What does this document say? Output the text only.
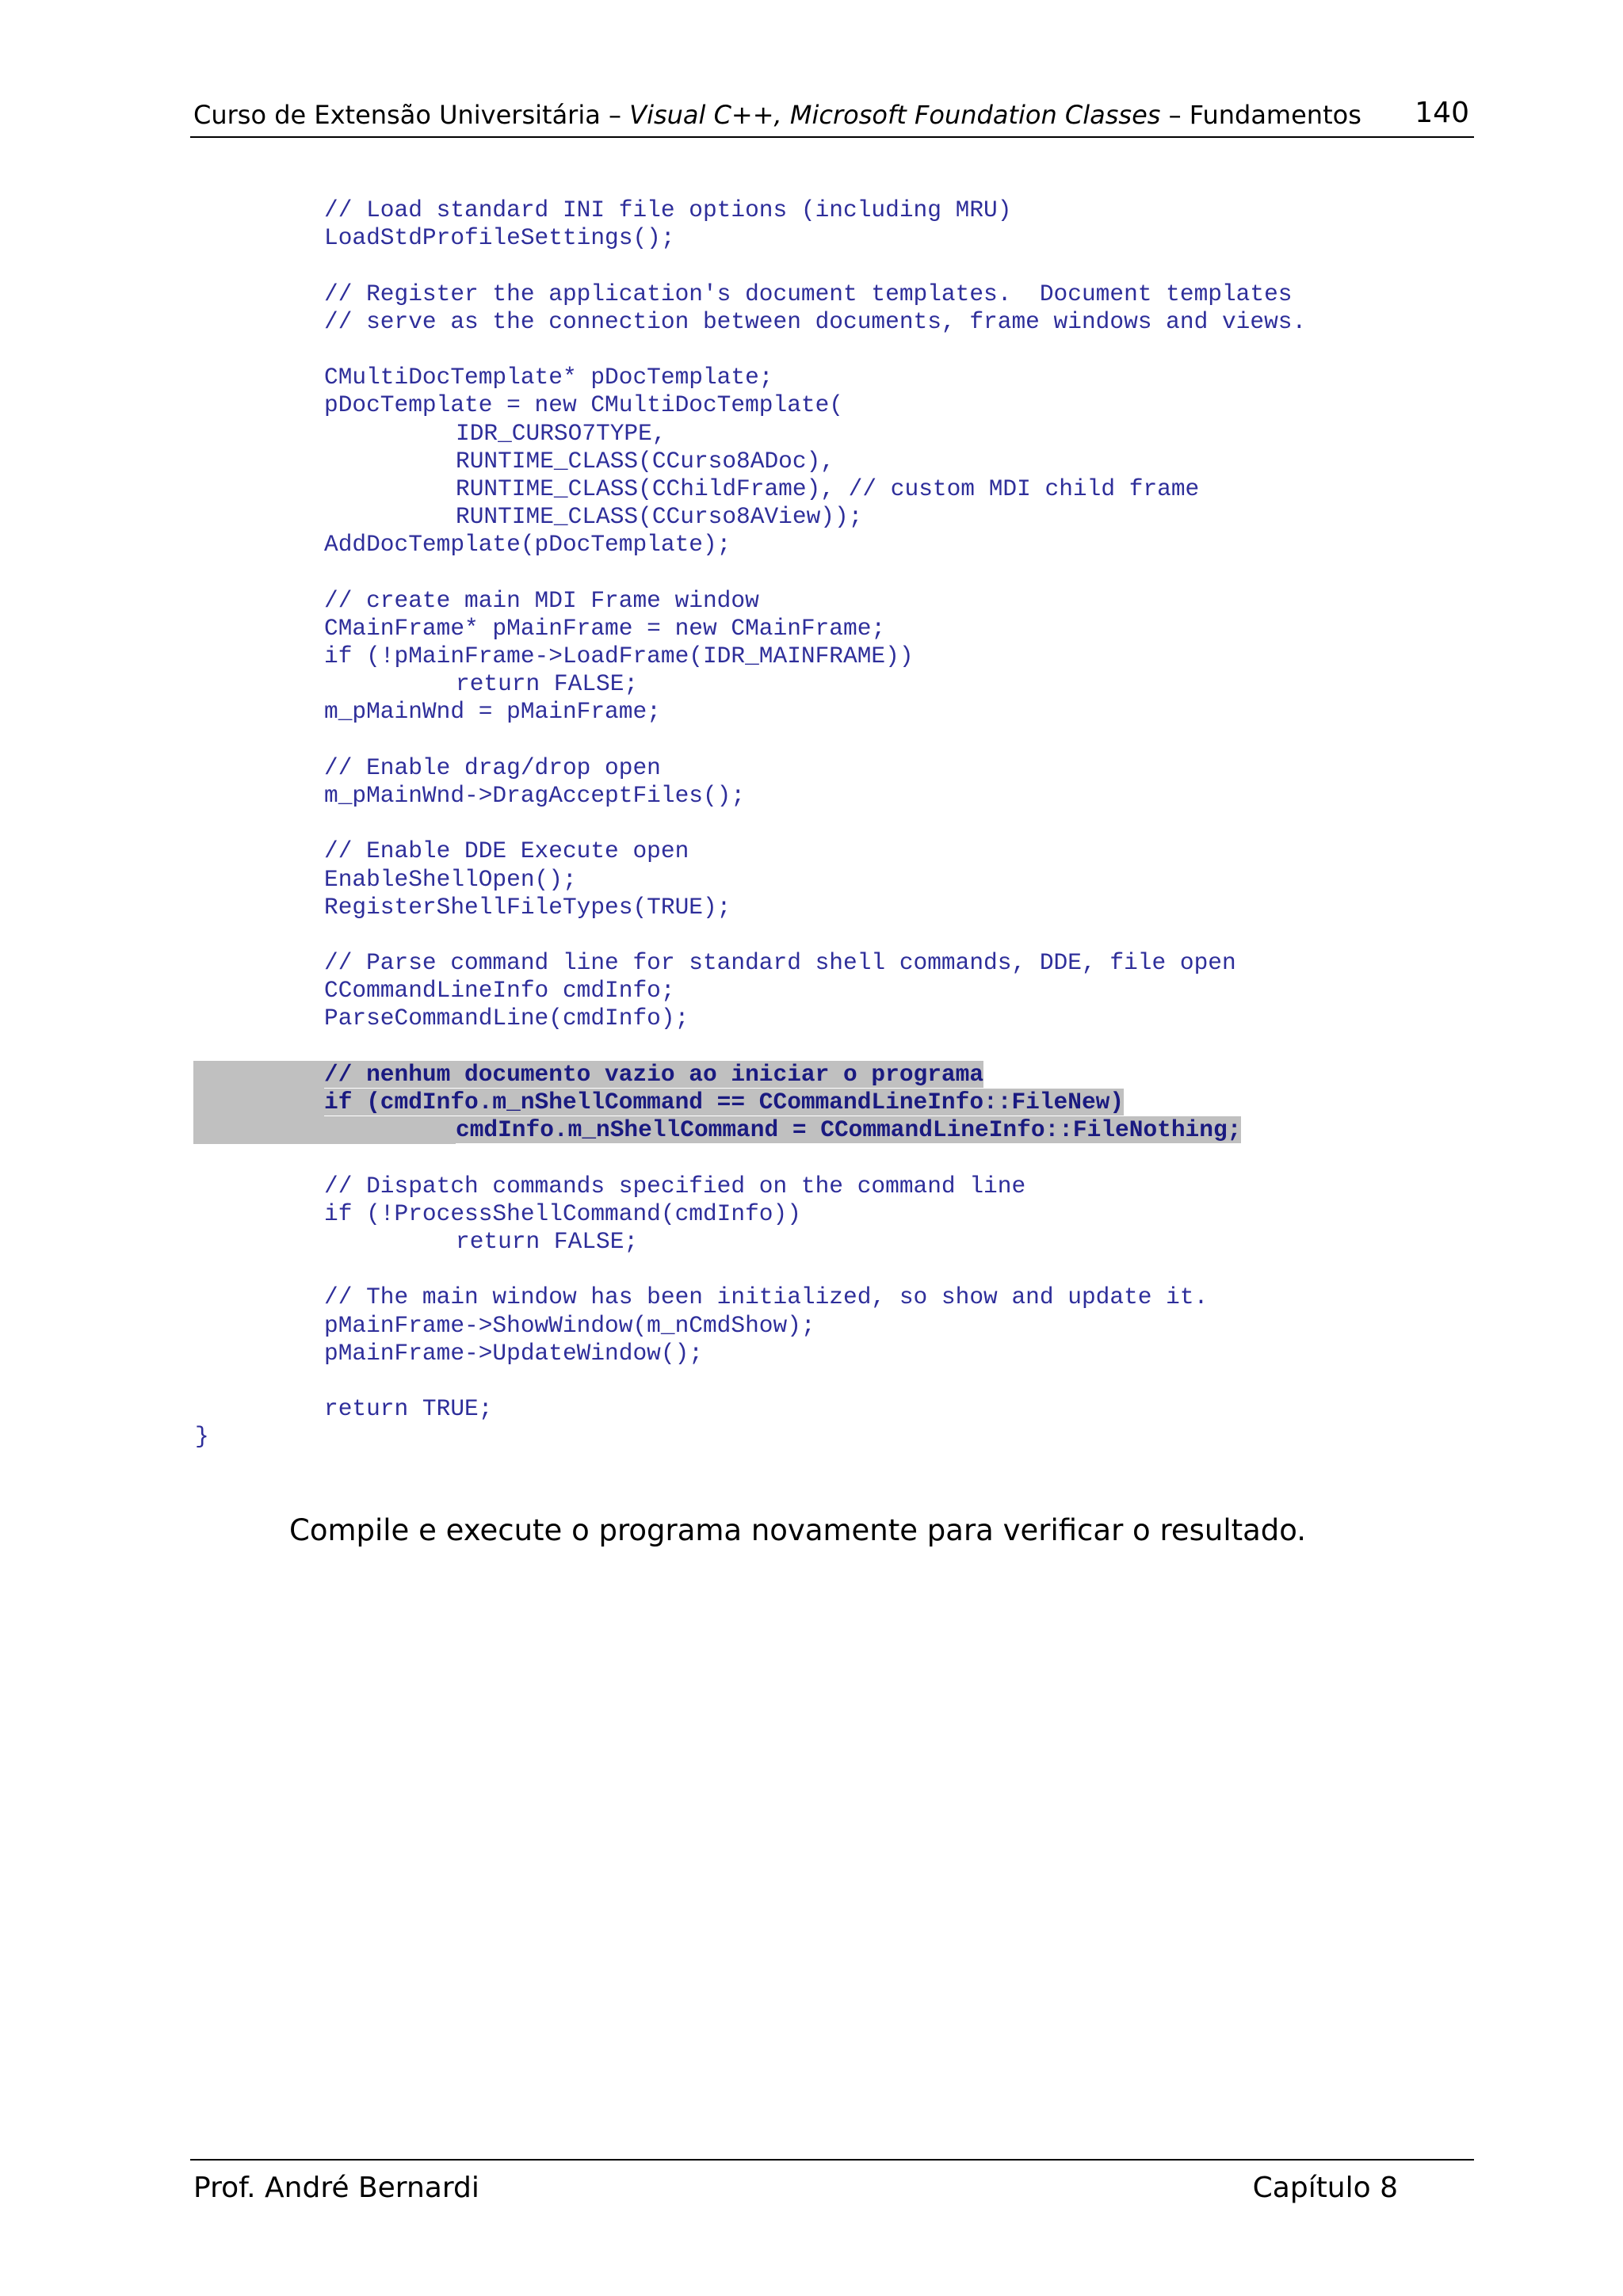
Curso de Extensão Universitária – Visual C++, Microsoft Foundation Classes – Fundamentos 140
// Load standard INI file options (including MRU)
LoadStdProfileSettings();
// Register the application's document templates.  Document templates
// serve as the connection between documents, frame windows and views.
CMultiDocTemplate* pDocTemplate;
pDocTemplate = new CMultiDocTemplate(
IDR_CURSO7TYPE,
RUNTIME_CLASS(CCurso8ADoc),
RUNTIME_CLASS(CChildFrame), // custom MDI child frame
RUNTIME_CLASS(CCurso8AView));
AddDocTemplate(pDocTemplate);
// create main MDI Frame window
CMainFrame* pMainFrame = new CMainFrame;
if (!pMainFrame->LoadFrame(IDR_MAINFRAME))
return FALSE;
m_pMainWnd = pMainFrame;
// Enable drag/drop open
m_pMainWnd->DragAcceptFiles();
// Enable DDE Execute open
EnableShellOpen();
RegisterShellFileTypes(TRUE);
// Parse command line for standard shell commands, DDE, file open
CCommandLineInfo cmdInfo;
ParseCommandLine(cmdInfo);
// nenhum documento vazio ao iniciar o programa
if (cmdInfo.m_nShellCommand == CCommandLineInfo::FileNew)
cmdInfo.m_nShellCommand = CCommandLineInfo::FileNothing;
// Dispatch commands specified on the command line
if (!ProcessShellCommand(cmdInfo))
return FALSE;
// The main window has been initialized, so show and update it.
pMainFrame->ShowWindow(m_nCmdShow);
pMainFrame->UpdateWindow();
return TRUE;
}
Compile e execute o programa novamente para verificar o resultado.
Prof. André Bernardi	Capítulo 8
